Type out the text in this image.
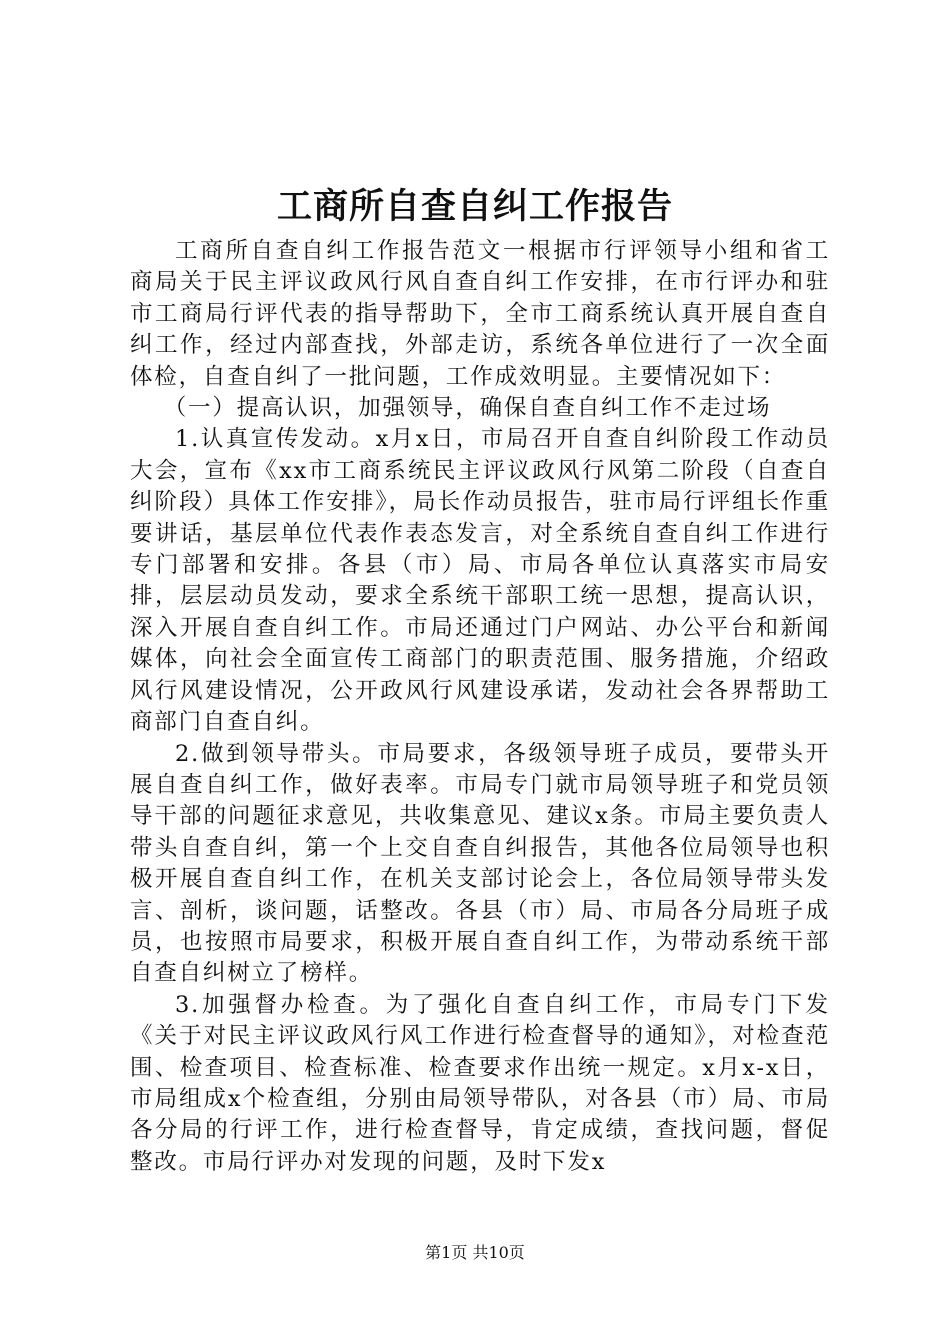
工商所自查自纠工作报告

工商所自查自纠工作报告范文一根据市行评领导小组和省工商局关于民主评议政风行风自查自纠工作安排，在市行评办和驻市工商局行评代表的指导帮助下，全市工商系统认真开展自查自纠工作，经过内部查找，外部走访，系统各单位进行了一次全面体检，自查自纠了一批问题，工作成效明显。主要情况如下：

（一）提高认识，加强领导，确保自查自纠工作不走过场

1.认真宣传发动。x月x日，市局召开自查自纠阶段工作动员大会，宣布《xx市工商系统民主评议政风行风第二阶段（自查自纠阶段）具体工作安排》，局长作动员报告，驻市局行评组长作重要讲话，基层单位代表作表态发言，对全系统自查自纠工作进行专门部署和安排。各县（市）局、市局各单位认真落实市局安排，层层动员发动，要求全系统干部职工统一思想，提高认识，深入开展自查自纠工作。市局还通过门户网站、办公平台和新闻媒体，向社会全面宣传工商部门的职责范围、服务措施，介绍政风行风建设情况，公开政风行风建设承诺，发动社会各界帮助工商部门自查自纠。

2.做到领导带头。市局要求，各级领导班子成员，要带头开展自查自纠工作，做好表率。市局专门就市局领导班子和党员领导干部的问题征求意见，共收集意见、建议x条。市局主要负责人带头自查自纠，第一个上交自查自纠报告，其他各位局领导也积极开展自查自纠工作，在机关支部讨论会上，各位局领导带头发言、剖析，谈问题，话整改。各县（市）局、市局各分局班子成员，也按照市局要求，积极开展自查自纠工作，为带动系统干部自查自纠树立了榜样。

3.加强督办检查。为了强化自查自纠工作，市局专门下发《关于对民主评议政风行风工作进行检查督导的通知》，对检查范围、检查项目、检查标准、检查要求作出统一规定。x月x-x日，市局组成x个检查组，分别由局领导带队，对各县（市）局、市局各分局的行评工作，进行检查督导，肯定成绩，查找问题，督促整改。市局行评办对发现的问题，及时下发x

第1页 共10页
